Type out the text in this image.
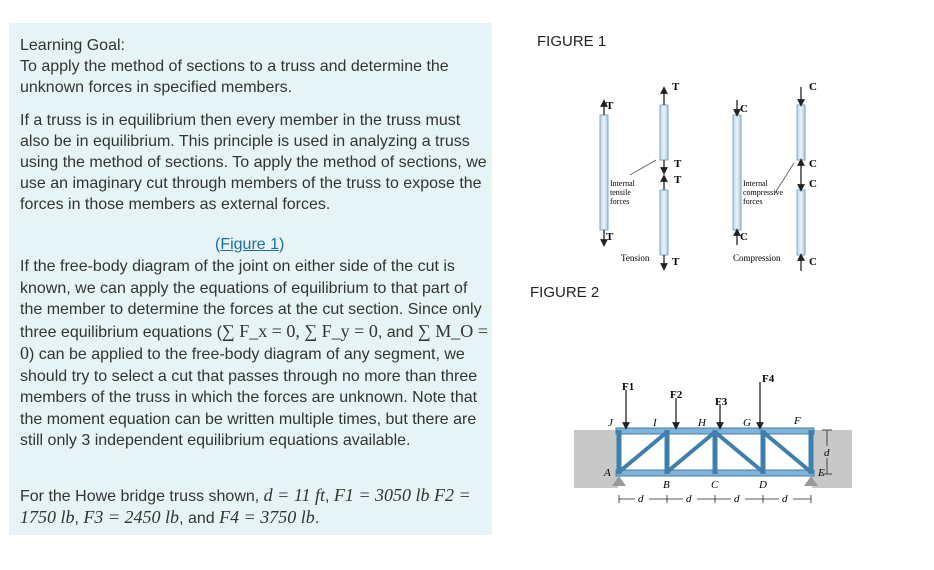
Learning Goal:
To apply the method of sections to a truss and determine the unknown forces in specified members.
If a truss is in equilibrium then every member in the truss must also be in equilibrium. This principle is used in analyzing a truss using the method of sections. To apply the method of sections, we use an imaginary cut through members of the truss to expose the forces in those members as external forces.
(Figure 1)
If the free-body diagram of the joint on either side of the cut is known, we can apply the equations of equilibrium to that part of the member to determine the forces at the cut section. Since only three equilibrium equations (∑ F_x = 0, ∑ F_y = 0, and ∑ M_O = 0) can be applied to the free-body diagram of any segment, we should try to select a cut that passes through no more than three members of the truss in which the forces are unknown. Note that the moment equation can be written multiple times, but there are still only 3 independent equilibrium equations available.
For the Howe bridge truss shown, d = 11 ft, F1 = 3050 lb F2 = 1750 lb, F3 = 2450 lb, and F4 = 3750 lb.
FIGURE 1
FIGURE 2
T
T
T
T
T
T
Internal
tensile
forces
Tension
C
C
C
C
C
C
Internal
compressive
forces
Compression
F1
F2
F3
F4
J	I	H	G	F
A
B	C	D
E
d	d	d	d
d
